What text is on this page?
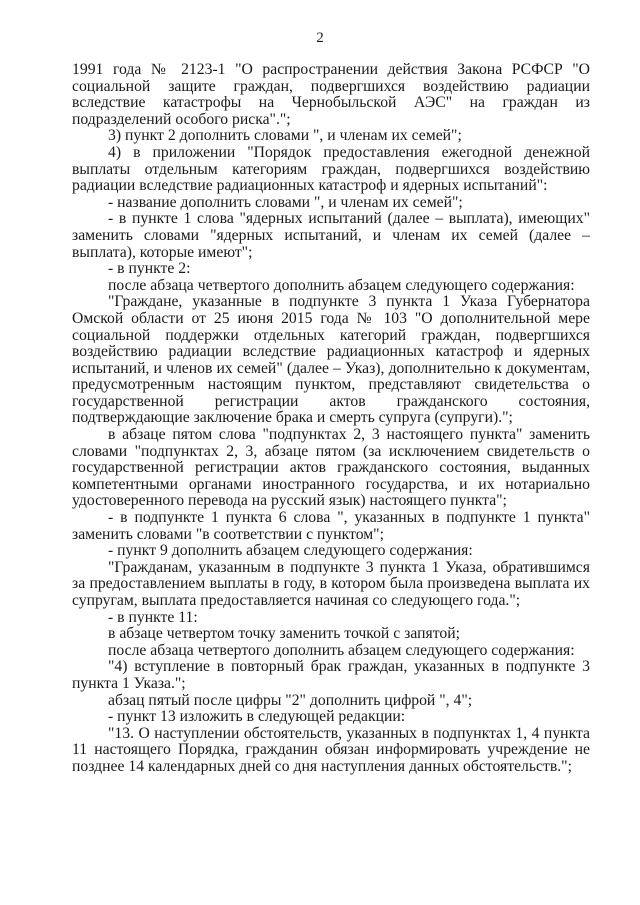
2

1991 года № 2123-1 "О распространении действия Закона РСФСР "О социальной защите граждан, подвергшихся воздействию радиации вследствие катастрофы на Чернобыльской АЭС" на граждан из подразделений особого риска".";

3) пункт 2 дополнить словами ", и членам их семей";

4) в приложении "Порядок предоставления ежегодной денежной выплаты отдельным категориям граждан, подвергшихся воздействию радиации вследствие радиационных катастроф и ядерных испытаний":

- название дополнить словами ", и членам их семей";

- в пункте 1 слова "ядерных испытаний (далее – выплата), имеющих" заменить словами "ядерных испытаний, и членам их семей (далее – выплата), которые имеют";

- в пункте 2:

после абзаца четвертого дополнить абзацем следующего содержания:

"Граждане, указанные в подпункте 3 пункта 1 Указа Губернатора Омской области от 25 июня 2015 года № 103 "О дополнительной мере социальной поддержки отдельных категорий граждан, подвергшихся воздействию радиации вследствие радиационных катастроф и ядерных испытаний, и членов их семей" (далее – Указ), дополнительно к документам, предусмотренным настоящим пунктом, представляют свидетельства о государственной регистрации актов гражданского состояния, подтверждающие заключение брака и смерть супруга (супруги).";

в абзаце пятом слова "подпунктах 2, 3 настоящего пункта" заменить словами "подпунктах 2, 3, абзаце пятом (за исключением свидетельств о государственной регистрации актов гражданского состояния, выданных компетентными органами иностранного государства, и их нотариально удостоверенного перевода на русский язык) настоящего пункта";

- в подпункте 1 пункта 6 слова ", указанных в подпункте 1 пункта" заменить словами "в соответствии с пунктом";

- пункт 9 дополнить абзацем следующего содержания:

"Гражданам, указанным в подпункте 3 пункта 1 Указа, обратившимся за предоставлением выплаты в году, в котором была произведена выплата их супругам, выплата предоставляется начиная со следующего года.";

- в пункте 11:

в абзаце четвертом точку заменить точкой с запятой;

после абзаца четвертого дополнить абзацем следующего содержания:

"4) вступление в повторный брак граждан, указанных в подпункте 3 пункта 1 Указа.";

абзац пятый после цифры "2" дополнить цифрой ", 4";

- пункт 13 изложить в следующей редакции:

"13. О наступлении обстоятельств, указанных в подпунктах 1, 4 пункта 11 настоящего Порядка, гражданин обязан информировать учреждение не позднее 14 календарных дней со дня наступления данных обстоятельств.";
